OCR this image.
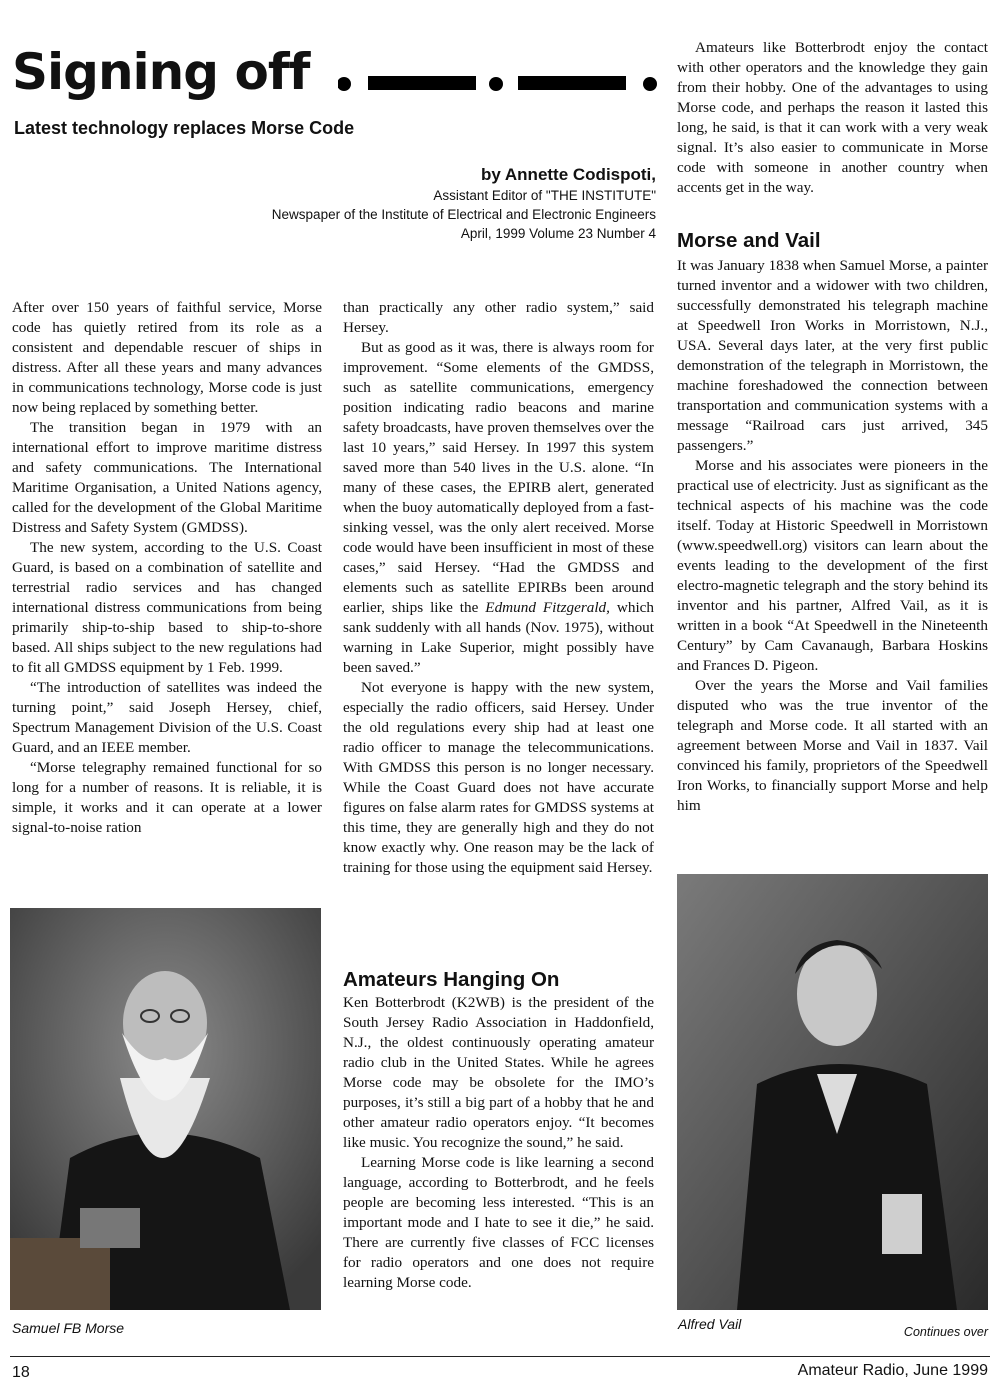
Signing off
Latest technology replaces Morse Code
by Annette Codispoti,
Assistant Editor of "THE INSTITUTE"
Newspaper of the Institute of Electrical and Electronic Engineers
April, 1999 Volume 23 Number 4

After over 150 years of faithful service, Morse code has quietly retired from its role as a consistent and dependable rescuer of ships in distress. After all these years and many advances in communications technology, Morse code is just now being replaced by something better.

The transition began in 1979 with an international effort to improve maritime distress and safety communications. The International Maritime Organisation, a United Nations agency, called for the development of the Global Maritime Distress and Safety System (GMDSS).

The new system, according to the U.S. Coast Guard, is based on a combination of satellite and terrestrial radio services and has changed international distress communications from being primarily ship-to-ship based to ship-to-shore based. All ships subject to the new regulations had to fit all GMDSS equipment by 1 Feb. 1999.

“The introduction of satellites was indeed the turning point,” said Joseph Hersey, chief, Spectrum Management Division of the U.S. Coast Guard, and an IEEE member.

“Morse telegraphy remained functional for so long for a number of reasons. It is reliable, it is simple, it works and it can operate at a lower signal-to-noise ration

than practically any other radio system,” said Hersey.

But as good as it was, there is always room for improvement. “Some elements of the GMDSS, such as satellite communications, emergency position indicating radio beacons and marine safety broadcasts, have proven themselves over the last 10 years,” said Hersey. In 1997 this system saved more than 540 lives in the U.S. alone. “In many of these cases, the EPIRB alert, generated when the buoy automatically deployed from a fast-sinking vessel, was the only alert received. Morse code would have been insufficient in most of these cases,” said Hersey. “Had the GMDSS and elements such as satellite EPIRBs been around earlier, ships like the Edmund Fitzgerald, which sank suddenly with all hands (Nov. 1975), without warning in Lake Superior, might possibly have been saved.”

Not everyone is happy with the new system, especially the radio officers, said Hersey. Under the old regulations every ship had at least one radio officer to manage the telecommunications. With GMDSS this person is no longer necessary. While the Coast Guard does not have accurate figures on false alarm rates for GMDSS systems at this time, they are generally high and they do not know exactly why. One reason may be the lack of training for those using the equipment said Hersey.

Amateurs Hanging On

Ken Botterbrodt (K2WB) is the president of the South Jersey Radio Association in Haddonfield, N.J., the oldest continuously operating amateur radio club in the United States. While he agrees Morse code may be obsolete for the IMO’s purposes, it’s still a big part of a hobby that he and other amateur radio operators enjoy. “It becomes like music. You recognize the sound,” he said.

Learning Morse code is like learning a second language, according to Botterbrodt, and he feels people are becoming less interested. “This is an important mode and I hate to see it die,” he said. There are currently five classes of FCC licenses for radio operators and one does not require learning Morse code.

Amateurs like Botterbrodt enjoy the contact with other operators and the knowledge they gain from their hobby. One of the advantages to using Morse code, and perhaps the reason it lasted this long, he said, is that it can work with a very weak signal. It’s also easier to communicate in Morse code with someone in another country when accents get in the way.

Morse and Vail

It was January 1838 when Samuel Morse, a painter turned inventor and a widower with two children, successfully demonstrated his telegraph machine at Speedwell Iron Works in Morristown, N.J., USA. Several days later, at the very first public demonstration of the telegraph in Morristown, the machine foreshadowed the connection between transportation and communication systems with a message “Railroad cars just arrived, 345 passengers.”

Morse and his associates were pioneers in the practical use of electricity. Just as significant as the technical aspects of his machine was the code itself. Today at Historic Speedwell in Morristown (www.speedwell.org) visitors can learn about the events leading to the development of the first electro-magnetic telegraph and the story behind its inventor and his partner, Alfred Vail, as it is written in a book “At Speedwell in the Nineteenth Century” by Cam Cavanaugh, Barbara Hoskins and Frances D. Pigeon.

Over the years the Morse and Vail families disputed who was the true inventor of the telegraph and Morse code. It all started with an agreement between Morse and Vail in 1837. Vail convinced his family, proprietors of the Speedwell Iron Works, to financially support Morse and help him

Samuel FB Morse	Alfred Vail	Continues over
18	Amateur Radio, June 1999
